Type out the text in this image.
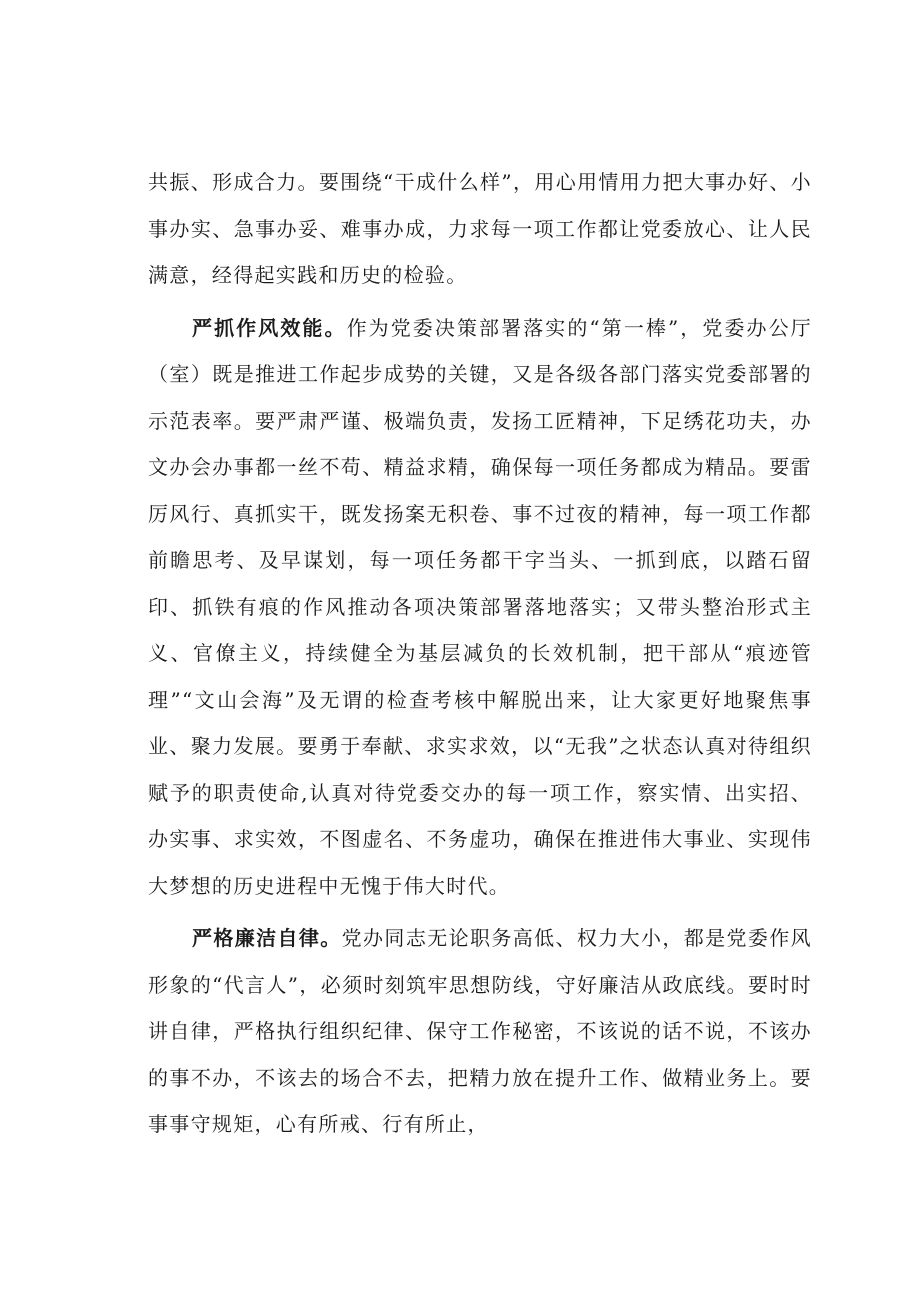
共振、形成合力。要围绕“干成什么样”，用心用情用力把大事办好、小事办实、急事办妥、难事办成，力求每一项工作都让党委放心、让人民满意，经得起实践和历史的检验。

严抓作风效能。作为党委决策部署落实的“第一棒”，党委办公厅（室）既是推进工作起步成势的关键，又是各级各部门落实党委部署的示范表率。要严肃严谨、极端负责，发扬工匠精神，下足绣花功夫，办文办会办事都一丝不苟、精益求精，确保每一项任务都成为精品。要雷厉风行、真抓实干，既发扬案无积卷、事不过夜的精神，每一项工作都前瞻思考、及早谋划，每一项任务都干字当头、一抓到底，以踏石留印、抓铁有痕的作风推动各项决策部署落地落实；又带头整治形式主义、官僚主义，持续健全为基层减负的长效机制，把干部从“痕迹管理”“文山会海”及无谓的检查考核中解脱出来，让大家更好地聚焦事业、聚力发展。要勇于奉献、求实求效，以“无我”之状态认真对待组织赋予的职责使命,认真对待党委交办的每一项工作，察实情、出实招、办实事、求实效，不图虚名、不务虚功，确保在推进伟大事业、实现伟大梦想的历史进程中无愧于伟大时代。

严格廉洁自律。党办同志无论职务高低、权力大小，都是党委作风形象的“代言人”，必须时刻筑牢思想防线，守好廉洁从政底线。要时时讲自律，严格执行组织纪律、保守工作秘密，不该说的话不说，不该办的事不办，不该去的场合不去，把精力放在提升工作、做精业务上。要事事守规矩，心有所戒、行有所止，
